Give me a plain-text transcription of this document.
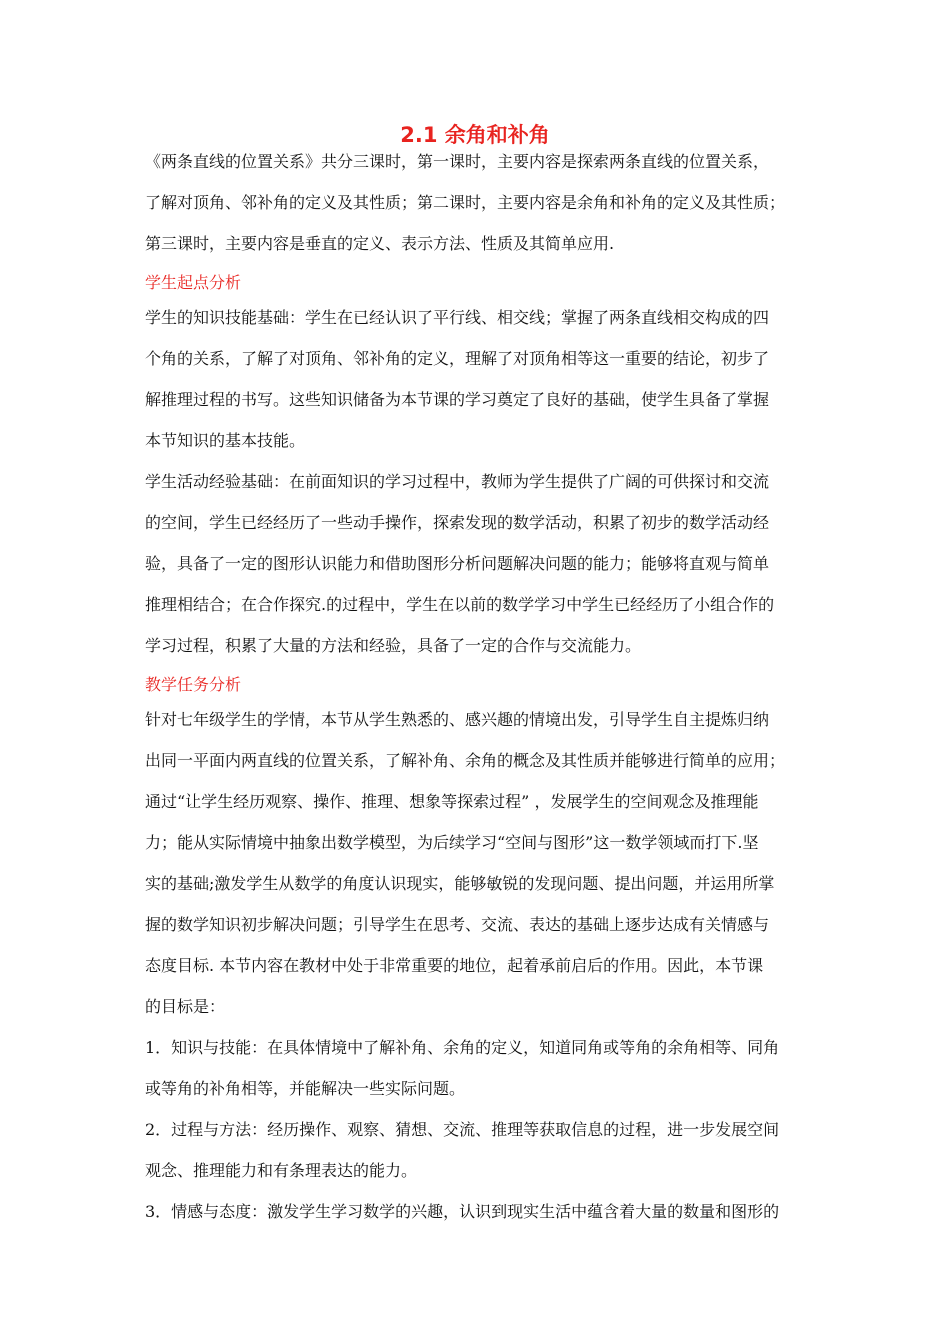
2.1 余角和补角
《两条直线的位置关系》共分三课时，第一课时，主要内容是探索两条直线的位置关系，
了解对顶角、邻补角的定义及其性质；第二课时，主要内容是余角和补角的定义及其性质；
第三课时，主要内容是垂直的定义、表示方法、性质及其简单应用.
学生起点分析
学生的知识技能基础：学生在已经认识了平行线、相交线；掌握了两条直线相交构成的四
个角的关系，了解了对顶角、邻补角的定义，理解了对顶角相等这一重要的结论，初步了
解推理过程的书写。这些知识储备为本节课的学习奠定了良好的基础，使学生具备了掌握
本节知识的基本技能。
学生活动经验基础：在前面知识的学习过程中，教师为学生提供了广阔的可供探讨和交流
的空间，学生已经经历了一些动手操作，探索发现的数学活动，积累了初步的数学活动经
验，具备了一定的图形认识能力和借助图形分析问题解决问题的能力；能够将直观与简单
推理相结合；在合作探究.的过程中，学生在以前的数学学习中学生已经经历了小组合作的
学习过程，积累了大量的方法和经验，具备了一定的合作与交流能力。
教学任务分析
针对七年级学生的学情，本节从学生熟悉的、感兴趣的情境出发，引导学生自主提炼归纳
出同一平面内两直线的位置关系，了解补角、余角的概念及其性质并能够进行简单的应用；
通过“让学生经历观察、操作、推理、想象等探索过程” ，发展学生的空间观念及推理能
力；能从实际情境中抽象出数学模型，为后续学习“空间与图形”这一数学领域而打下.坚
实的基础;激发学生从数学的角度认识现实，能够敏锐的发现问题、提出问题，并运用所掌
握的数学知识初步解决问题；引导学生在思考、交流、表达的基础上逐步达成有关情感与
态度目标. 本节内容在教材中处于非常重要的地位，起着承前启后的作用。因此，本节课
的目标是：
1．知识与技能：在具体情境中了解补角、余角的定义，知道同角或等角的余角相等、同角
或等角的补角相等，并能解决一些实际问题。
2．过程与方法：经历操作、观察、猜想、交流、推理等获取信息的过程，进一步发展空间
观念、推理能力和有条理表达的能力。
3．情感与态度：激发学生学习数学的兴趣，认识到现实生活中蕴含着大量的数量和图形的
